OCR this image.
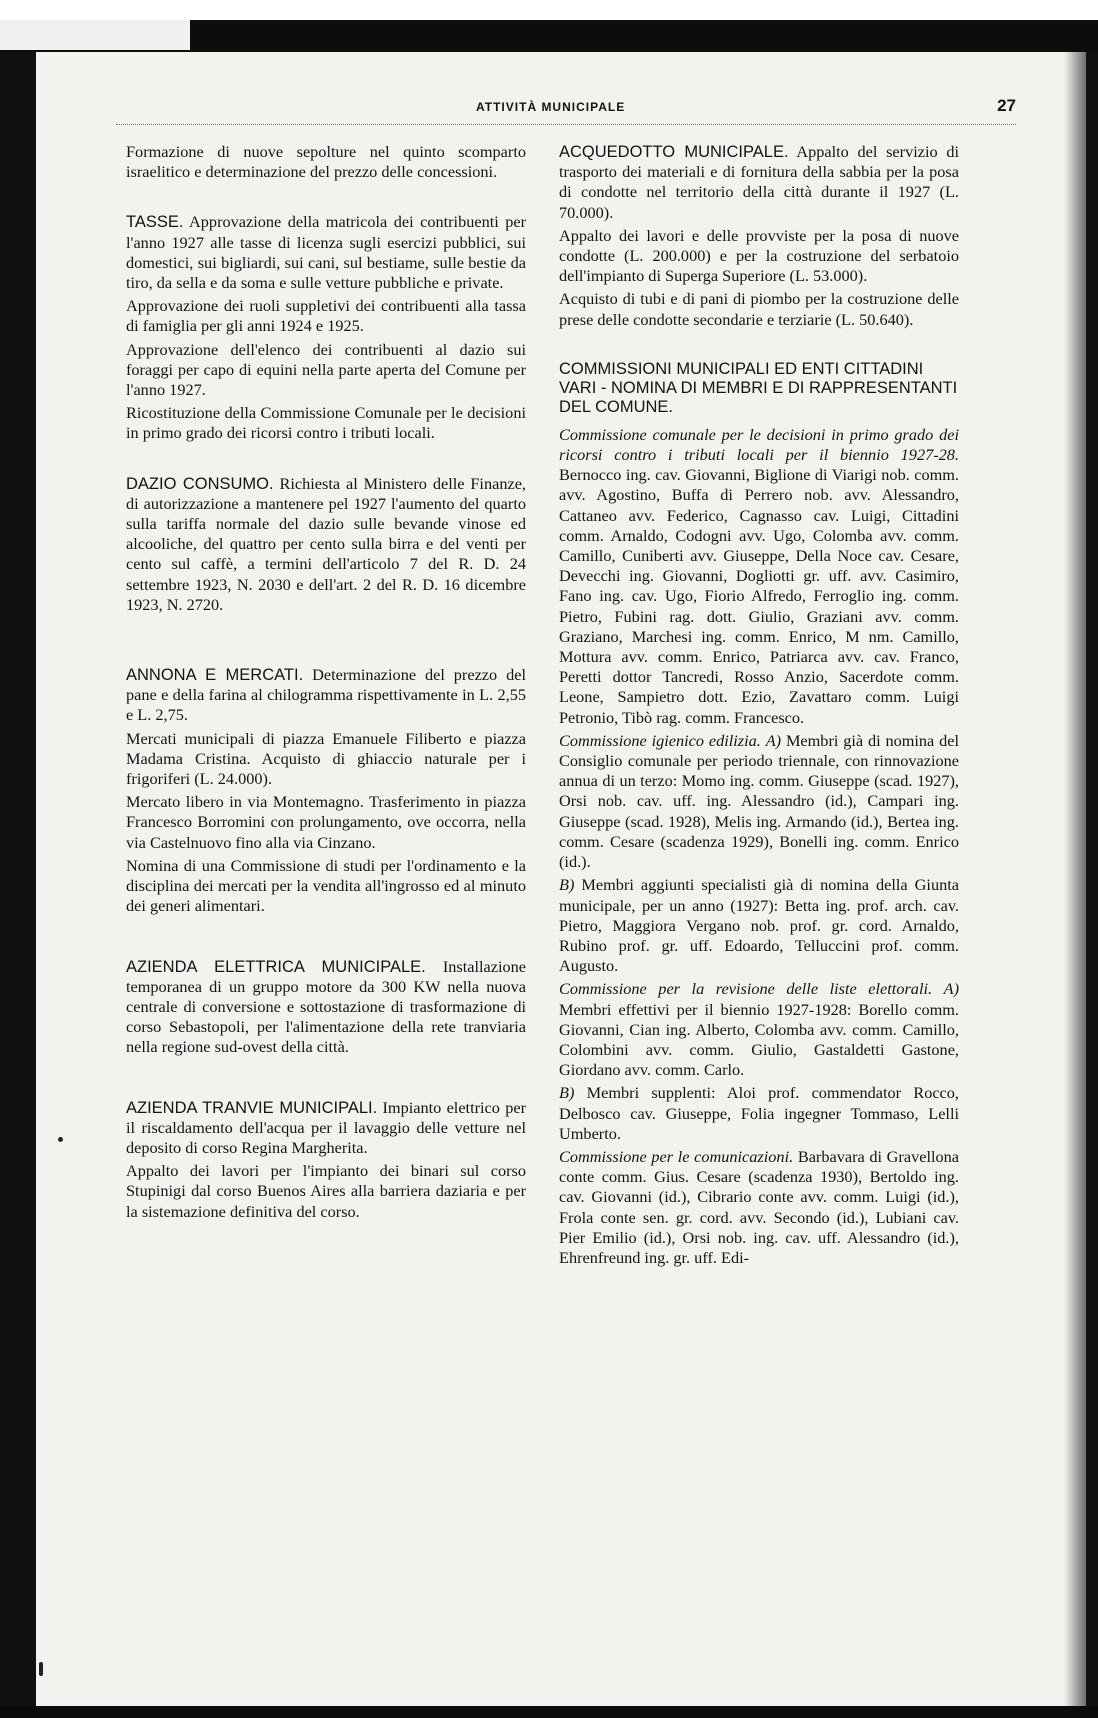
ATTIVITÀ MUNICIPALE	27

Formazione di nuove sepolture nel quinto scomparto israelitico e determinazione del prezzo delle concessioni.

TASSE. Approvazione della matricola dei contribuenti per l'anno 1927 alle tasse di licenza sugli esercizi pubblici, sui domestici, sui bigliardi, sui cani, sul bestiame, sulle bestie da tiro, da sella e da soma e sulle vetture pubbliche e private.

Approvazione dei ruoli suppletivi dei contribuenti alla tassa di famiglia per gli anni 1924 e 1925.

Approvazione dell'elenco dei contribuenti al dazio sui foraggi per capo di equini nella parte aperta del Comune per l'anno 1927.

Ricostituzione della Commissione Comunale per le decisioni in primo grado dei ricorsi contro i tributi locali.

DAZIO CONSUMO. Richiesta al Ministero delle Finanze, di autorizzazione a mantenere pel 1927 l'aumento del quarto sulla tariffa normale del dazio sulle bevande vinose ed alcooliche, del quattro per cento sulla birra e del venti per cento sul caffè, a termini dell'articolo 7 del R. D. 24 settembre 1923, N. 2030 e dell'art. 2 del R. D. 16 dicembre 1923, N. 2720.

ANNONA E MERCATI. Determinazione del prezzo del pane e della farina al chilogramma rispettivamente in L. 2,55 e L. 2,75.

Mercati municipali di piazza Emanuele Filiberto e piazza Madama Cristina. Acquisto di ghiaccio naturale per i frigoriferi (L. 24.000).

Mercato libero in via Montemagno. Trasferimento in piazza Francesco Borromini con prolungamento, ove occorra, nella via Castelnuovo fino alla via Cinzano.

Nomina di una Commissione di studi per l'ordinamento e la disciplina dei mercati per la vendita all'ingrosso ed al minuto dei generi alimentari.

AZIENDA ELETTRICA MUNICIPALE. Installazione temporanea di un gruppo motore da 300 KW nella nuova centrale di conversione e sottostazione di trasformazione di corso Sebastopoli, per l'alimentazione della rete tranviaria nella regione sud-ovest della città.

AZIENDA TRANVIE MUNICIPALI. Impianto elettrico per il riscaldamento dell'acqua per il lavaggio delle vetture nel deposito di corso Regina Margherita.

Appalto dei lavori per l'impianto dei binari sul corso Stupinigi dal corso Buenos Aires alla barriera daziaria e per la sistemazione definitiva del corso.

ACQUEDOTTO MUNICIPALE. Appalto del servizio di trasporto dei materiali e di fornitura della sabbia per la posa di condotte nel territorio della città durante il 1927 (L. 70.000).

Appalto dei lavori e delle provviste per la posa di nuove condotte (L. 200.000) e per la costruzione del serbatoio dell'impianto di Superga Superiore (L. 53.000).

Acquisto di tubi e di pani di piombo per la costruzione delle prese delle condotte secondarie e terziarie (L. 50.640).

COMMISSIONI MUNICIPALI ED ENTI CITTADINI VARI - NOMINA DI MEMBRI E DI RAPPRESENTANTI DEL COMUNE.

Commissione comunale per le decisioni in primo grado dei ricorsi contro i tributi locali per il biennio 1927-28. Bernocco ing. cav. Giovanni, Biglione di Viarigi nob. comm. avv. Agostino, Buffa di Perrero nob. avv. Alessandro, Cattaneo avv. Federico, Cagnasso cav. Luigi, Cittadini comm. Arnaldo, Codogni avv. Ugo, Colomba avv. comm. Camillo, Cuniberti avv. Giuseppe, Della Noce cav. Cesare, Devecchi ing. Giovanni, Dogliotti gr. uff. avv. Casimiro, Fano ing. cav. Ugo, Fiorio Alfredo, Ferroglio ing. comm. Pietro, Fubini rag. dott. Giulio, Graziani avv. comm. Graziano, Marchesi ing. comm. Enrico, M nm. Camillo, Mottura avv. comm. Enrico, Patriarca avv. cav. Franco, Peretti dottor Tancredi, Rosso Anzio, Sacerdote comm. Leone, Sampietro dott. Ezio, Zavattaro comm. Luigi Petronio, Tibò rag. comm. Francesco.

Commissione igienico edilizia. A) Membri già di nomina del Consiglio comunale per periodo triennale, con rinnovazione annua di un terzo: Momo ing. comm. Giuseppe (scad. 1927), Orsi nob. cav. uff. ing. Alessandro (id.), Campari ing. Giuseppe (scad. 1928), Melis ing. Armando (id.), Bertea ing. comm. Cesare (scadenza 1929), Bonelli ing. comm. Enrico (id.).

B) Membri aggiunti specialisti già di nomina della Giunta municipale, per un anno (1927): Betta ing. prof. arch. cav. Pietro, Maggiora Vergano nob. prof. gr. cord. Arnaldo, Rubino prof. gr. uff. Edoardo, Telluccini prof. comm. Augusto.

Commissione per la revisione delle liste elettorali. A) Membri effettivi per il biennio 1927-1928: Borello comm. Giovanni, Cian ing. Alberto, Colomba avv. comm. Camillo, Colombini avv. comm. Giulio, Gastaldetti Gastone, Giordano avv. comm. Carlo.

B) Membri supplenti: Aloi prof. commendator Rocco, Delbosco cav. Giuseppe, Folia ingegner Tommaso, Lelli Umberto.

Commissione per le comunicazioni. Barbavara di Gravellona conte comm. Gius. Cesare (scadenza 1930), Bertoldo ing. cav. Giovanni (id.), Cibrario conte avv. comm. Luigi (id.), Frola conte sen. gr. cord. avv. Secondo (id.), Lubiani cav. Pier Emilio (id.), Orsi nob. ing. cav. uff. Alessandro (id.), Ehrenfreund ing. gr. uff. Edi-
